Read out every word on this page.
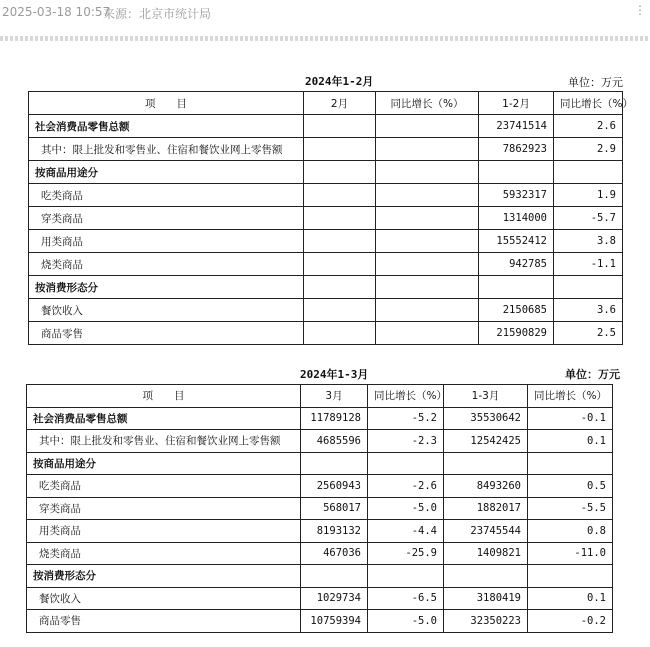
2025-03-18 10:57
来源：北京市统计局	⋮
2024年1-2月	单位：万元
项　　目	2月	同比增长（%）	1-2月	同比增长（%）
社会消费品零售总额			23741514	2.6
其中：限上批发和零售业、住宿和餐饮业网上零售额			7862923	2.9
按商品用途分				
吃类商品			5932317	1.9
穿类商品			1314000	-5.7
用类商品			15552412	3.8
烧类商品			942785	-1.1
按消费形态分				
餐饮收入			2150685	3.6
商品零售			21590829	2.5
2024年1-3月	单位：万元
项　　目	3月	同比增长（%）	1-3月	同比增长（%）
社会消费品零售总额	11789128	-5.2	35530642	-0.1
其中：限上批发和零售业、住宿和餐饮业网上零售额	4685596	-2.3	12542425	0.1
按商品用途分				
吃类商品	2560943	-2.6	8493260	0.5
穿类商品	568017	-5.0	1882017	-5.5
用类商品	8193132	-4.4	23745544	0.8
烧类商品	467036	-25.9	1409821	-11.0
按消费形态分				
餐饮收入	1029734	-6.5	3180419	0.1
商品零售	10759394	-5.0	32350223	-0.2
